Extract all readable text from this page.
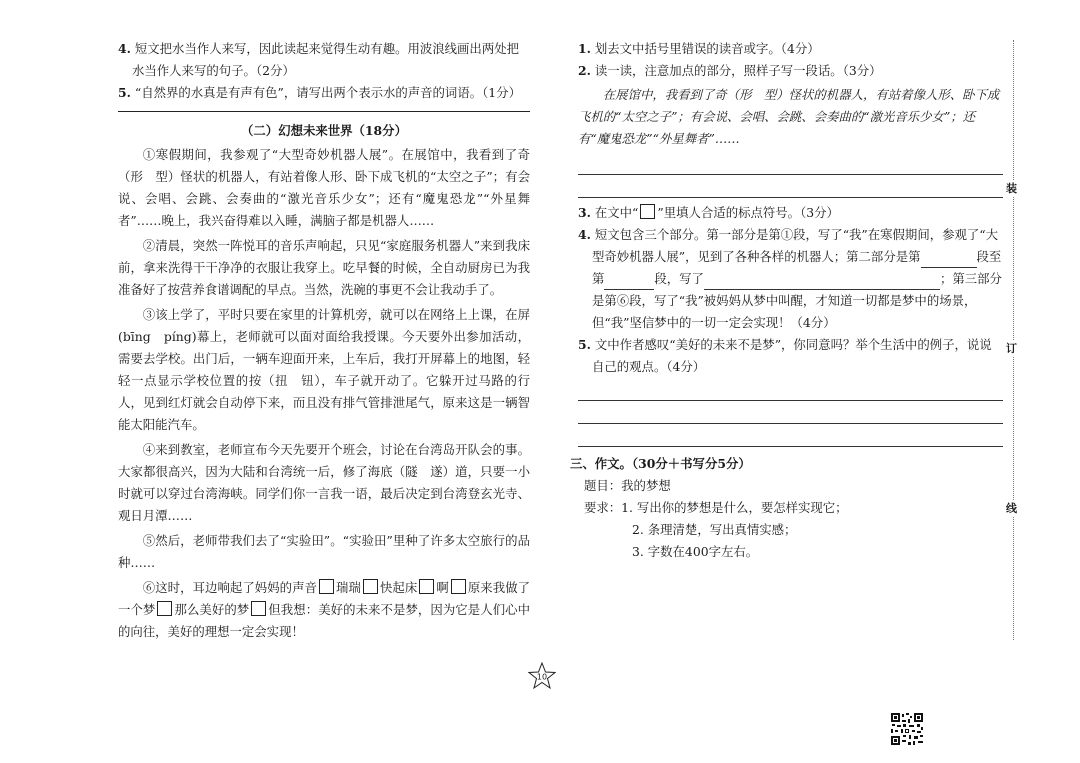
4. 短文把水当作人来写，因此读起来觉得生动有趣。用波浪线画出两处把水当作人来写的句子。（2分）

5. “自然界的水真是有声有色”，请写出两个表示水的声音的词语。（1分）

（二）幻想未来世界（18分）

①寒假期间，我参观了“大型奇妙机器人展”。在展馆中，我看到了奇（形　型）怪状的机器人，有站着像人形、卧下成飞机的“太空之子”；有会说、会唱、会跳、会奏曲的“激光音乐少女”；还有“魔鬼恐龙”“外星舞者”……晚上，我兴奋得难以入睡，满脑子都是机器人……

②清晨，突然一阵悦耳的音乐声响起，只见“家庭服务机器人”来到我床前，拿来洗得干干净净的衣服让我穿上。吃早餐的时候，全自动厨房已为我准备好了按营养食谱调配的早点。当然，洗碗的事更不会让我动手了。

③该上学了，平时只要在家里的计算机旁，就可以在网络上上课，在屏(bīng　píng)幕上，老师就可以面对面给我授课。今天要外出参加活动，需要去学校。出门后，一辆车迎面开来，上车后，我打开屏幕上的地图，轻轻一点显示学校位置的按（扭　钮），车子就开动了。它躲开过马路的行人，见到红灯就会自动停下来，而且没有排气管排泄尾气，原来这是一辆智能太阳能汽车。

④来到教室，老师宣布今天先要开个班会，讨论在台湾岛开队会的事。大家都很高兴，因为大陆和台湾统一后，修了海底（隧　遂）道，只要一小时就可以穿过台湾海峡。同学们你一言我一语，最后决定到台湾登玄光寺、观日月潭……

⑤然后，老师带我们去了“实验田”。“实验田”里种了许多太空旅行的品种……

⑥这时，耳边响起了妈妈的声音 瑞瑞 快起床 啊 原来我做了一个梦 那么美好的梦 但我想：美好的未来不是梦，因为它是人们心中的向往，美好的理想一定会实现！

1. 划去文中括号里错误的读音或字。（4分）

2. 读一读，注意加点的部分，照样子写一段话。（3分）

在展馆中，我看到了奇（形　型）怪状的机器人，有站着像人形、卧下成飞机的“太空之子”；有会说、会唱、会跳、会奏曲的“激光音乐少女”；还有“魔鬼恐龙”“外星舞者”……

3. 在文中“ ”里填人合适的标点符号。（3分）

4. 短文包含三个部分。第一部分是第①段，写了“我”在寒假期间，参观了“大型奇妙机器人展”，见到了各种各样的机器人；第二部分是第	段至第	段，写了	；第三部分是第⑥段，写了“我”被妈妈从梦中叫醒，才知道一切都是梦中的场景，但“我”坚信梦中的一切一定会实现！（4分）

5. 文中作者感叹“美好的未来不是梦”，你同意吗？举个生活中的例子，说说自己的观点。（4分）

三、作文。（30分＋书写分5分）
题目：我的梦想
要求：1. 写出你的梦想是什么，要怎样实现它；
2. 条理清楚，写出真情实感；
3. 字数在400字左右。
装
订
线
10
